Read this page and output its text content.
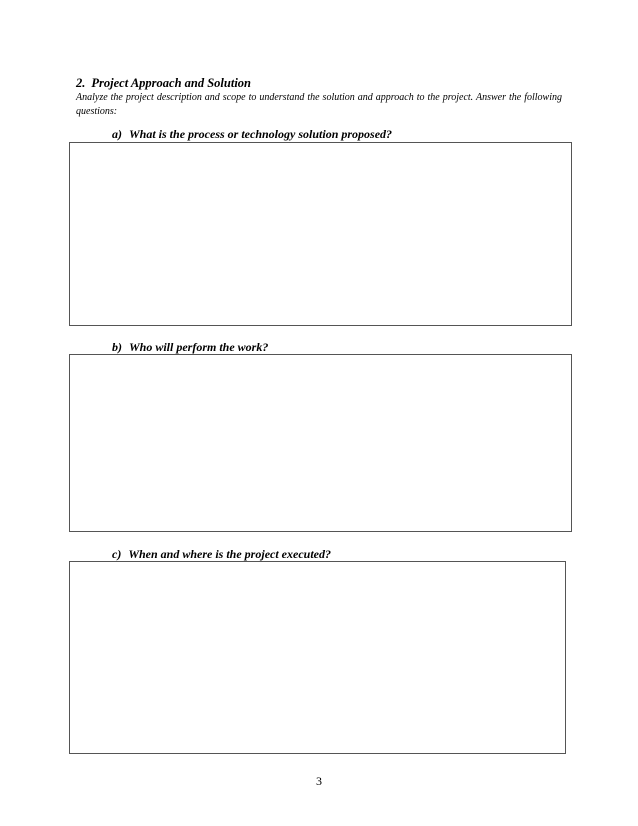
2. Project Approach and Solution
Analyze the project description and scope to understand the solution and approach to the project. Answer the following questions:
a) What is the process or technology solution proposed?
b) Who will perform the work?
c) When and where is the project executed?
3
